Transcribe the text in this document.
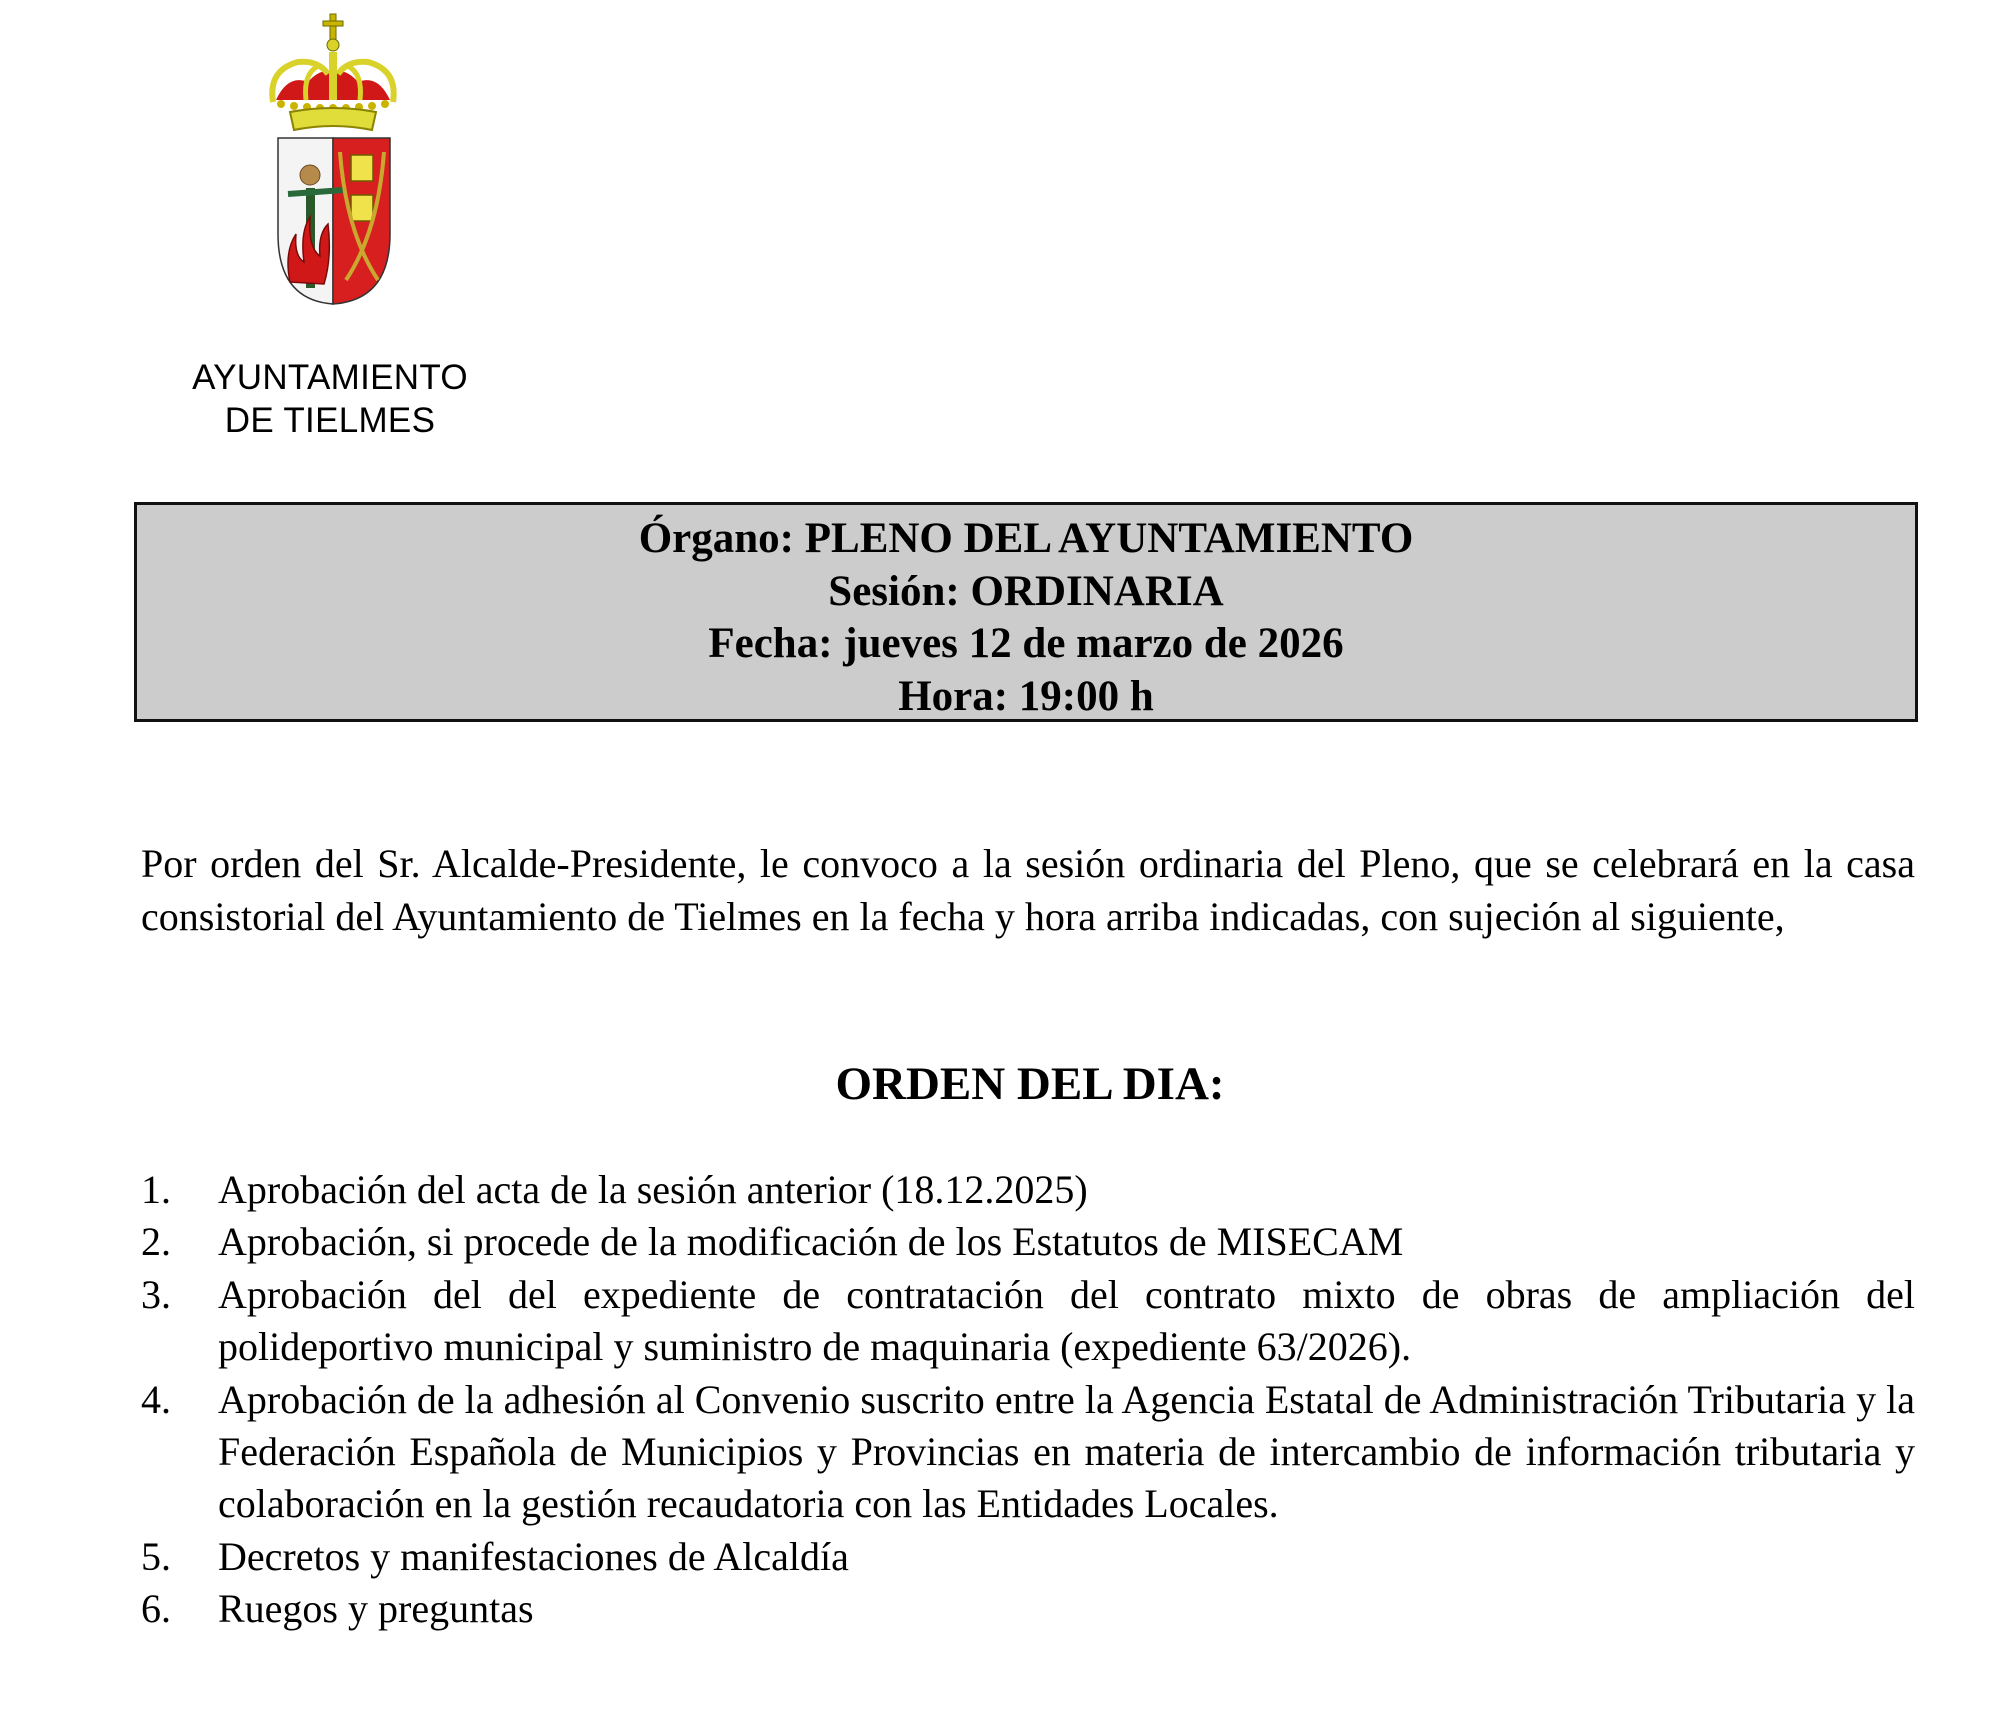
AYUNTAMIENTO
DE TIELMES
Órgano: PLENO DEL AYUNTAMIENTO
Sesión: ORDINARIA
Fecha: jueves 12 de marzo de 2026
Hora: 19:00 h

Por orden del Sr. Alcalde-Presidente, le convoco a la sesión ordinaria del Pleno, que se celebrará en la casa consistorial del Ayuntamiento de Tielmes en la fecha y hora arriba indicadas, con sujeción al siguiente,

ORDEN DEL DIA:
1.	Aprobación del acta de la sesión anterior (18.12.2025)
2.	Aprobación, si procede de la modificación de los Estatutos de MISECAM
3.	Aprobación del del expediente de contratación del contrato mixto de obras de ampliación del polideportivo municipal y suministro de maquinaria (expediente 63/2026).
4.	Aprobación de la adhesión al Convenio suscrito entre la Agencia Estatal de Administración Tributaria y la Federación Española de Municipios y Provincias en materia de intercambio de información tributaria y colaboración en la gestión recaudatoria con las Entidades Locales.
5.	Decretos y manifestaciones de Alcaldía
6.	Ruegos y preguntas
